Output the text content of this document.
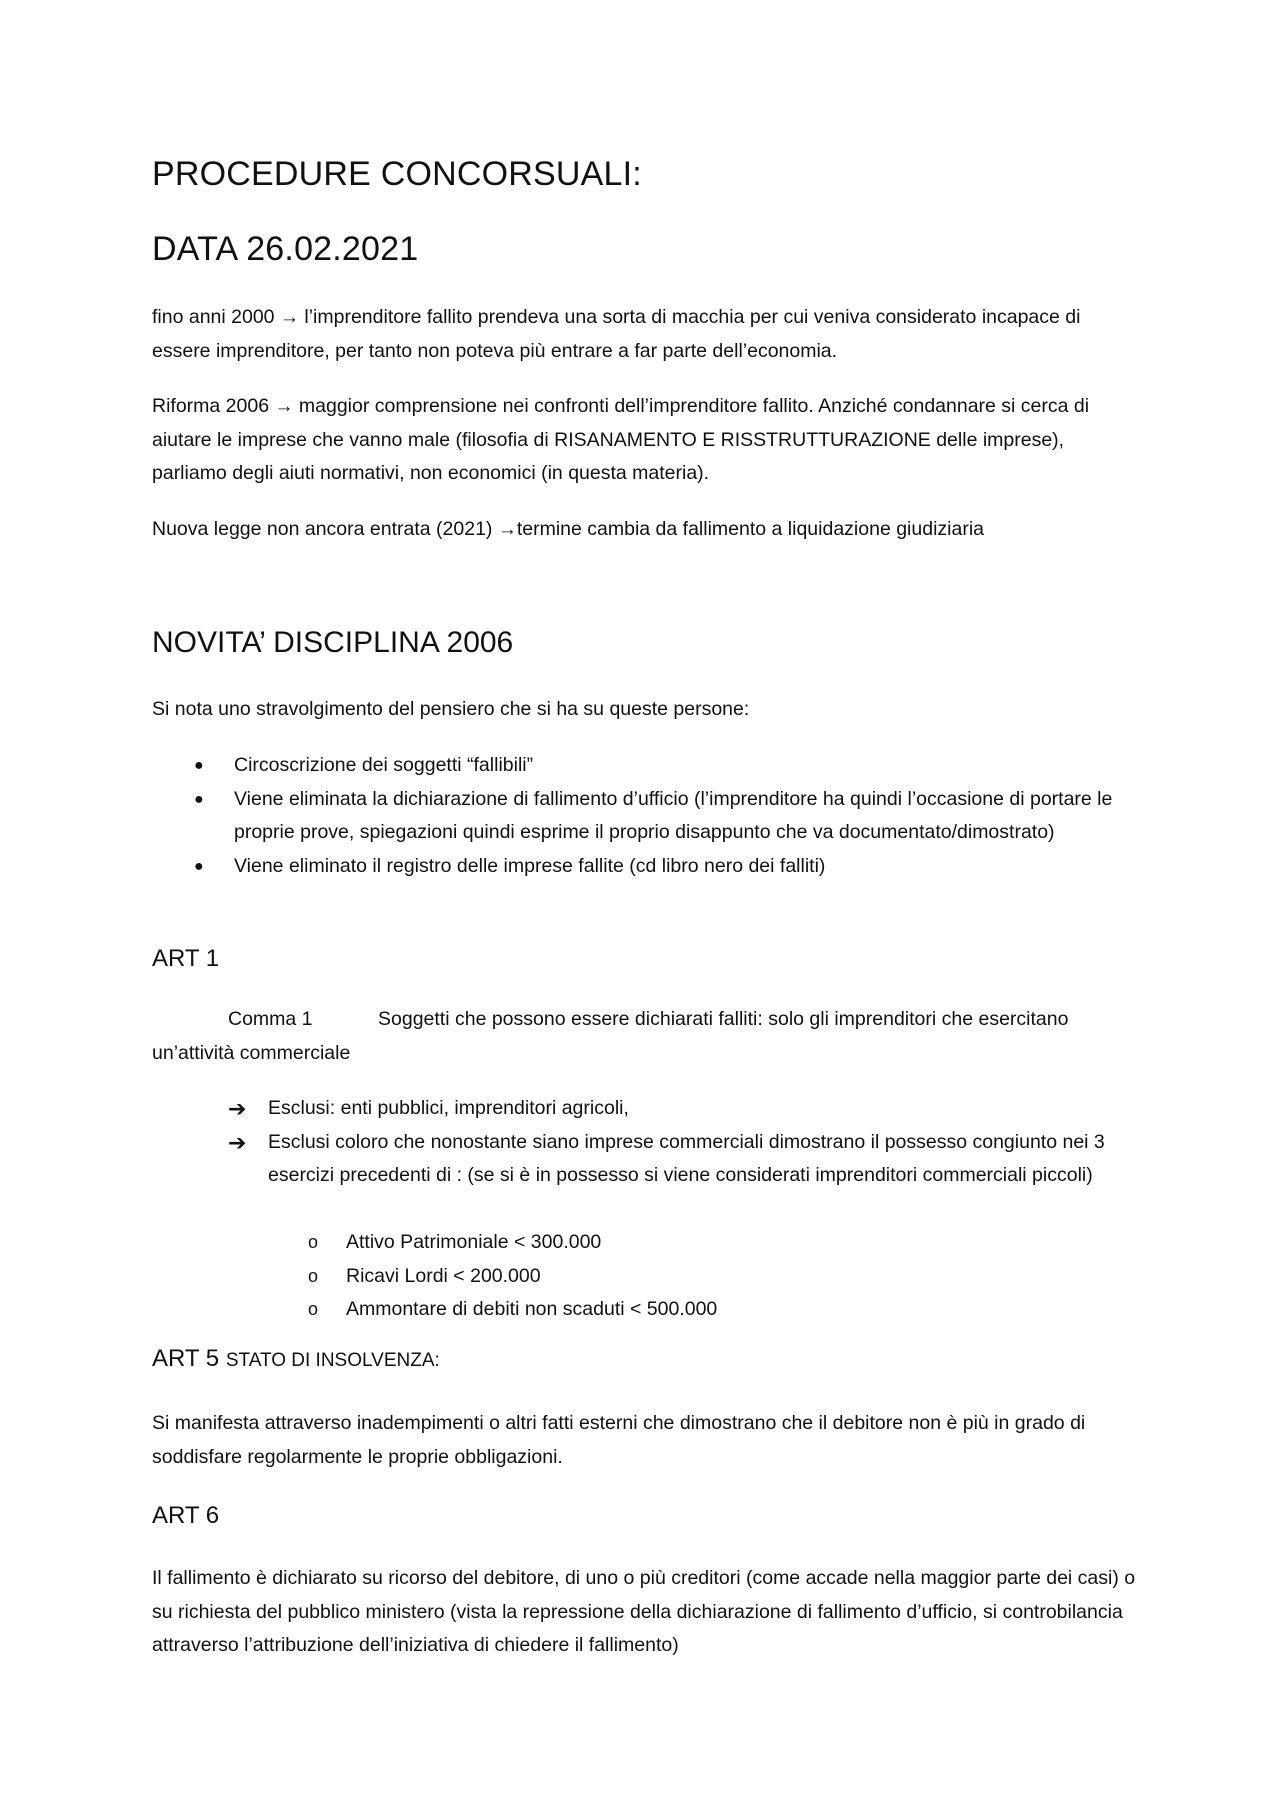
PROCEDURE CONCORSUALI:
DATA 26.02.2021

fino anni 2000 → l’imprenditore fallito prendeva una sorta di macchia per cui veniva considerato incapace di essere imprenditore, per tanto non poteva più entrare a far parte dell’economia.

Riforma 2006 → maggior comprensione nei confronti dell’imprenditore fallito. Anziché condannare si cerca di aiutare le imprese che vanno male (filosofia di RISANAMENTO E RISSTRUTTURAZIONE delle imprese), parliamo degli aiuti normativi, non economici (in questa materia).

Nuova legge non ancora entrata (2021) →termine cambia da fallimento a liquidazione giudiziaria

NOVITA’ DISCIPLINA 2006

Si nota uno stravolgimento del pensiero che si ha su queste persone:

● Circoscrizione dei soggetti “fallibili”
● Viene eliminata la dichiarazione di fallimento d’ufficio (l’imprenditore ha quindi l’occasione di portare le proprie prove, spiegazioni quindi esprime il proprio disappunto che va documentato/dimostrato)
● Viene eliminato il registro delle imprese fallite (cd libro nero dei falliti)
ART 1

Comma 1	Soggetti che possono essere dichiarati falliti: solo gli imprenditori che esercitano un’attività commerciale

➔ Esclusi: enti pubblici, imprenditori agricoli,
➔ Esclusi coloro che nonostante siano imprese commerciali dimostrano il possesso congiunto nei 3 esercizi precedenti di : (se si è in possesso si viene considerati imprenditori commerciali piccoli)
o Attivo Patrimoniale < 300.000
o Ricavi Lordi < 200.000
o Ammontare di debiti non scaduti < 500.000
ART 5 STATO DI INSOLVENZA:

Si manifesta attraverso inadempimenti o altri fatti esterni che dimostrano che il debitore non è più in grado di soddisfare regolarmente le proprie obbligazioni.

ART 6

Il fallimento è dichiarato su ricorso del debitore, di uno o più creditori (come accade nella maggior parte dei casi) o su richiesta del pubblico ministero (vista la repressione della dichiarazione di fallimento d’ufficio, si controbilancia attraverso l’attribuzione dell’iniziativa di chiedere il fallimento)
